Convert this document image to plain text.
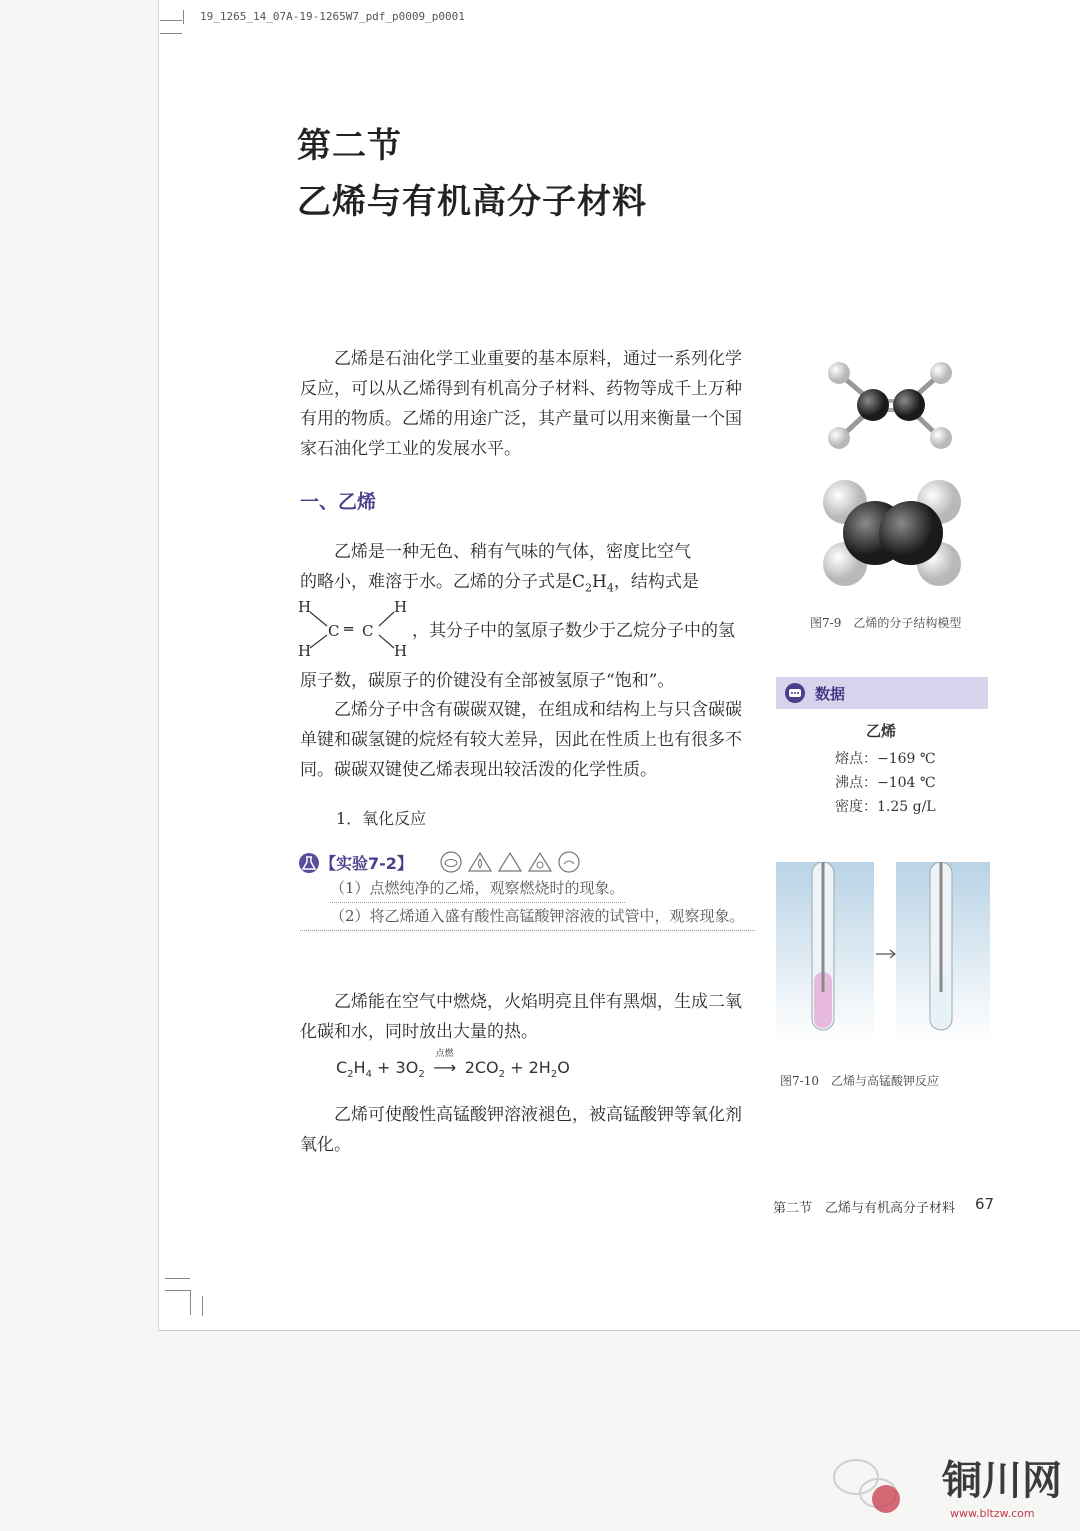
19_1265_14_07A-19-1265W7_pdf_p0009_p0001
第二节
乙烯与有机高分子材料
乙烯是石油化学工业重要的基本原料，通过一系列化学反应，可以从乙烯得到有机高分子材料、药物等成千上万种有用的物质。乙烯的用途广泛，其产量可以用来衡量一个国家石油化学工业的发展水平。
一、乙烯
乙烯是一种无色、稍有气味的气体，密度比空气
的略小，难溶于水。乙烯的分子式是$C_2H_4$，结构式是
H
H
H
H
C ═ C ，其分子中的氢原子数少于乙烷分子中的氢
原子数，碳原子的价键没有全部被氢原子“饱和”。
乙烯分子中含有碳碳双键，在组成和结构上与只含碳碳单键和碳氢键的烷烃有较大差异，因此在性质上也有很多不同。碳碳双键使乙烯表现出较活泼的化学性质。
1．氧化反应
【实验7-2】
（1）点燃纯净的乙烯，观察燃烧时的现象。
（2）将乙烯通入盛有酸性高锰酸钾溶液的试管中，观察现象。
乙烯能在空气中燃烧，火焰明亮且伴有黑烟，生成二氧化碳和水，同时放出大量的热。
$C_2H_4 + 3O_2$
点燃
⟶ $2CO_2 + 2H_2O$
乙烯可使酸性高锰酸钾溶液褪色，被高锰酸钾等氧化剂氧化。
图7-9　乙烯的分子结构模型
数据
乙烯
熔点：−169 ℃
沸点：−104 ℃
密度：1.25 g/L
图7-10　乙烯与高锰酸钾反应
第二节　乙烯与有机高分子材料 67
铜川网
www.bltzw.com
